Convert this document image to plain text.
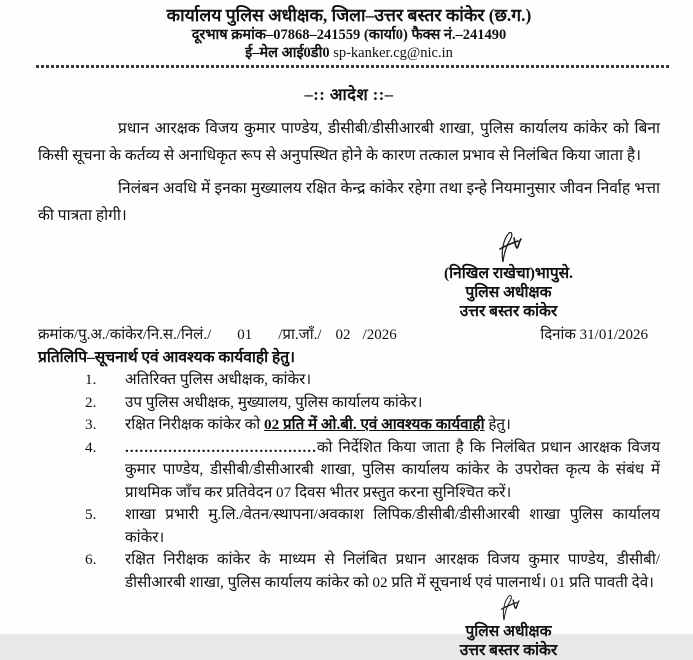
कार्यालय पुलिस अधीक्षक, जिला–उत्तर बस्तर कांकेर (छ.ग.)
दूरभाष क्रमांक–07868–241559 (कार्या0) फैक्स नं.–241490
ई–मेल आई0डी0 sp-kanker.cg@nic.in
–:: आदेश ::–

प्रधान आरक्षक विजय कुमार पाण्डेय, डीसीबी/डीसीआरबी शाखा, पुलिस कार्यालय कांकेर को बिना किसी सूचना के कर्तव्य से अनाधिकृत रूप से अनुपस्थित होने के कारण तत्काल प्रभाव से निलंबित किया जाता है।

निलंबन अवधि में इनका मुख्यालय रक्षित केन्द्र कांकेर रहेगा तथा इन्हे नियमानुसार जीवन निर्वाह भत्ता की पात्रता होगी।

(निखिल राखेचा)भापुसे.
पुलिस अधीक्षक
उत्तर बस्तर कांकेर
क्रमांक/पु.अ./कांकेर/नि.स./निलं./ 01 /प्रा.जाँ./ 02 /2026	दिनांक 31/01/2026
प्रतिलिपि–सूचनार्थ एवं आवश्यक कार्यवाही हेतु।
1.	अतिरिक्त पुलिस अधीक्षक, कांकेर।
2.	उप पुलिस अधीक्षक, मुख्यालय, पुलिस कार्यालय कांकेर।
3.	रक्षित निरीक्षक कांकेर को 02 प्रति में ओ.बी. एवं आवश्यक कार्यवाही हेतु।
4.	........................................को निर्देशित किया जाता है कि निलंबित प्रधान आरक्षक विजय कुमार पाण्डेय, डीसीबी/डीसीआरबी शाखा, पुलिस कार्यालय कांकेर के उपरोक्त कृत्य के संबंध में प्राथमिक जाँच कर प्रतिवेदन 07 दिवस भीतर प्रस्तुत करना सुनिश्चित करें।
5.	शाखा प्रभारी मु.लि./वेतन/स्थापना/अवकाश लिपिक/डीसीबी/डीसीआरबी शाखा पुलिस कार्यालय कांकेर।
6.	रक्षित निरीक्षक कांकेर के माध्यम से निलंबित प्रधान आरक्षक विजय कुमार पाण्डेय, डीसीबी/डीसीआरबी शाखा, पुलिस कार्यालय कांकेर को 02 प्रति में सूचनार्थ एवं पालनार्थ। 01 प्रति पावती देवे।
पुलिस अधीक्षक
उत्तर बस्तर कांकेर
